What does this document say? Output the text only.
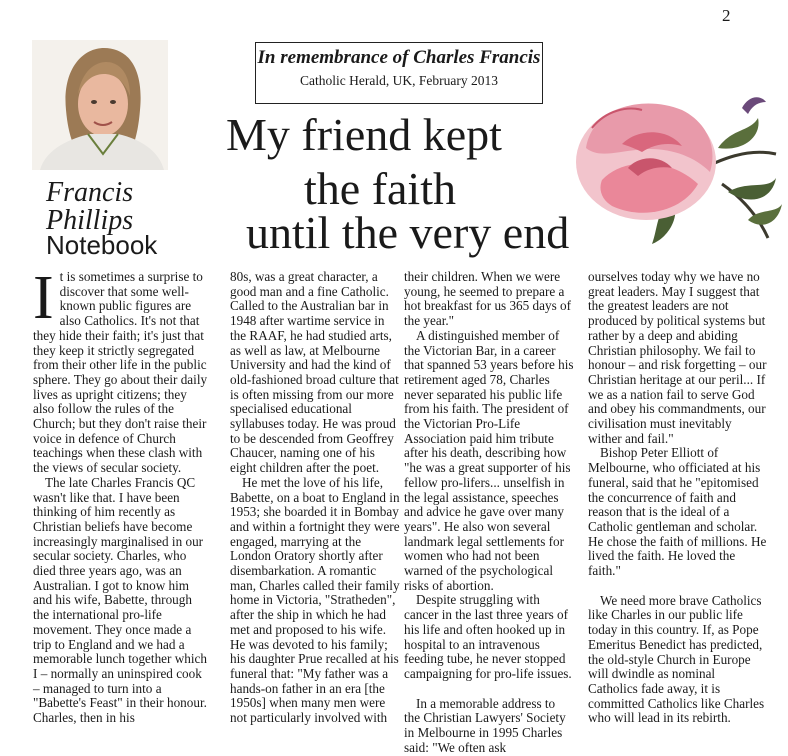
2
In remembrance of Charles Francis
Catholic Herald, UK, February 2013
Francis
Phillips
Notebook
My friend kept
the faith
until the very end

I t is sometimes a surprise to discover that some well-known public figures are also Catholics. It's not that they hide their faith; it's just that they keep it strictly segregated from their other life in the public sphere. They go about their daily lives as upright citizens; they also follow the rules of the Church; but they don't raise their voice in defence of Church teachings when these clash with the views of secular society.

The late Charles Francis QC wasn't like that. I have been thinking of him recently as Christian beliefs have become increasingly marginalised in our secular society. Charles, who died three years ago, was an Australian. I got to know him and his wife, Babette, through the international pro-life movement. They once made a trip to England and we had a memorable lunch together which I – normally an uninspired cook – managed to turn into a "Babette's Feast" in their honour. Charles, then in his

80s, was a great character, a good man and a fine Catholic. Called to the Australian bar in 1948 after wartime service in the RAAF, he had studied arts, as well as law, at Melbourne University and had the kind of old-fashioned broad culture that is often missing from our more specialised educational syllabuses today. He was proud to be descended from Geoffrey Chaucer, naming one of his eight children after the poet.

He met the love of his life, Babette, on a boat to England in 1953; she boarded it in Bombay and within a fortnight they were engaged, marrying at the London Oratory shortly after disembarkation. A romantic man, Charles called their family home in Victoria, "Stratheden", after the ship in which he had met and proposed to his wife. He was devoted to his family; his daughter Prue recalled at his funeral that: "My father was a hands-on father in an era [the 1950s] when many men were not particularly involved with

their children. When we were young, he seemed to prepare a hot breakfast for us 365 days of the year."

A distinguished member of the Victorian Bar, in a career that spanned 53 years before his retirement aged 78, Charles never separated his public life from his faith. The president of the Victorian Pro-Life Association paid him tribute after his death, describing how "he was a great supporter of his fellow pro-lifers... unselfish in the legal assistance, speeches and advice he gave over many years". He also won several landmark legal settlements for women who had not been warned of the psychological risks of abortion.

Despite struggling with cancer in the last three years of his life and often hooked up in hospital to an intravenous feeding tube, he never stopped campaigning for pro-life issues.

In a memorable address to the Christian Lawyers' Society in Melbourne in 1995 Charles said: "We often ask

ourselves today why we have no great leaders. May I suggest that the greatest leaders are not produced by political systems but rather by a deep and abiding Christian philosophy. We fail to honour – and risk forgetting – our Christian heritage at our peril... If we as a nation fail to serve God and obey his commandments, our civilisation must inevitably wither and fail."

Bishop Peter Elliott of Melbourne, who officiated at his funeral, said that he "epitomised the concurrence of faith and reason that is the ideal of a Catholic gentleman and scholar. He chose the faith of millions. He lived the faith. He loved the faith."

We need more brave Catholics like Charles in our public life today in this country. If, as Pope Emeritus Benedict has predicted, the old-style Church in Europe will dwindle as nominal Catholics fade away, it is committed Catholics like Charles who will lead in its rebirth.
